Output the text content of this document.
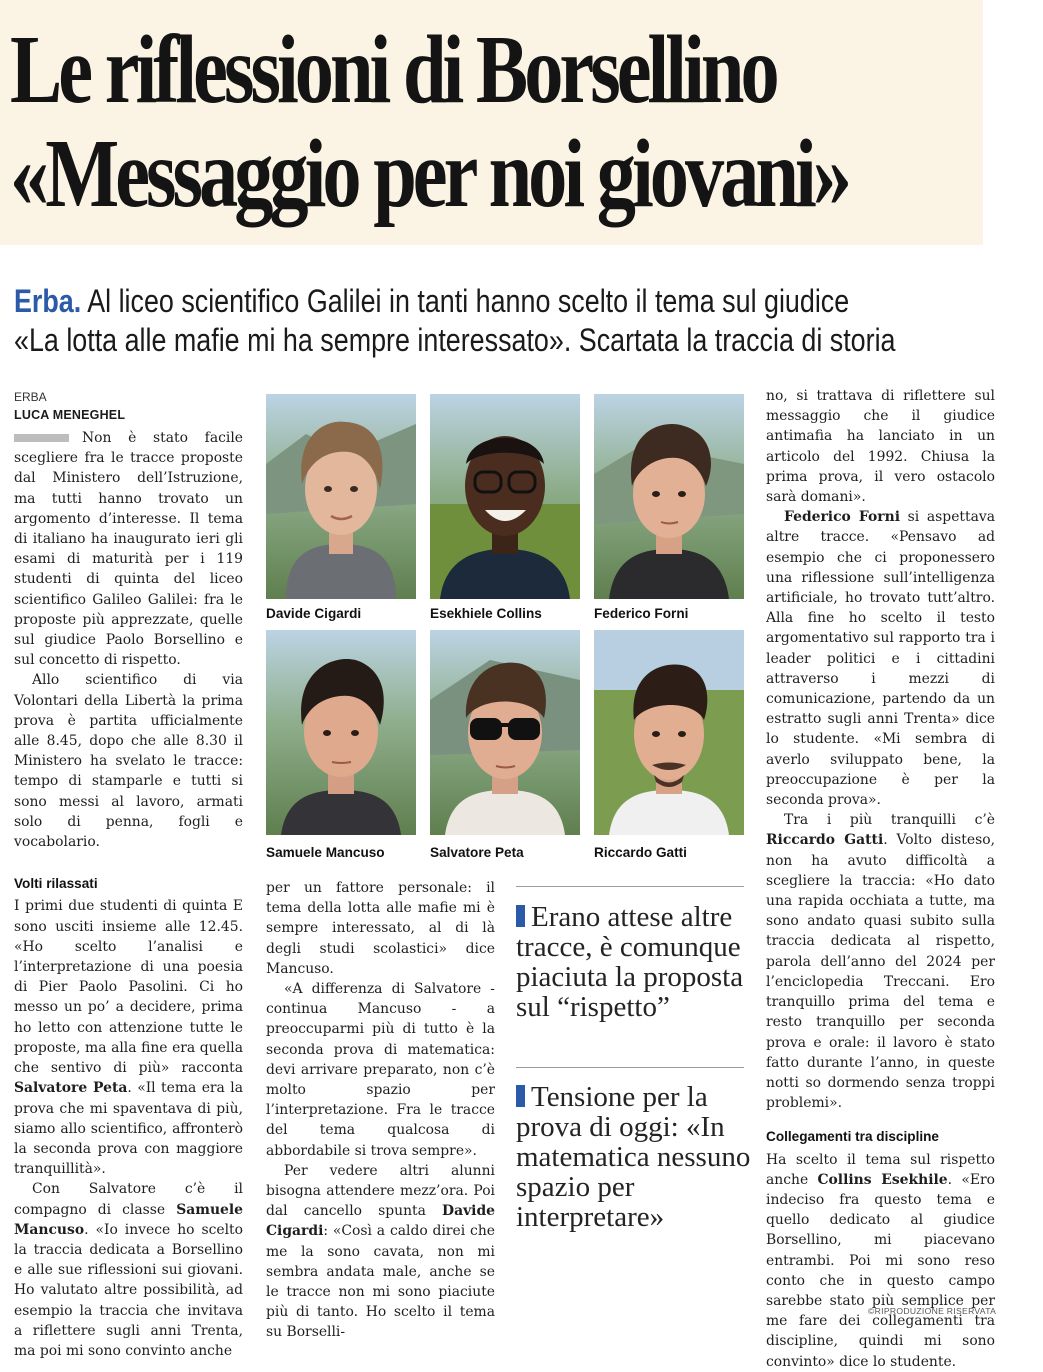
Le riflessioni di Borsellino
«Messaggio per noi giovani»
Erba. Al liceo scientifico Galilei in tanti hanno scelto il tema sul giudice
«La lotta alle mafie mi ha sempre interessato». Scartata la traccia di storia
ERBA
LUCA MENEGHEL

Non è stato facile scegliere fra le tracce proposte dal Ministero dell’Istruzione, ma tutti hanno trovato un argomento d’interesse. Il tema di italiano ha inaugurato ieri gli esami di maturità per i 119 studenti di quinta del liceo scientifico Galileo Galilei: fra le proposte più apprezzate, quelle sul giudice Paolo Borsellino e sul concetto di rispetto.

Allo scientifico di via Volontari della Libertà la prima prova è partita ufficialmente alle 8.45, dopo che alle 8.30 il Ministero ha svelato le tracce: tempo di stamparle e tutti si sono messi al lavoro, armati solo di penna, fogli e vocabolario.

Volti rilassati

I primi due studenti di quinta E sono usciti insieme alle 12.45. «Ho scelto l’analisi e l’interpretazione di una poesia di Pier Paolo Pasolini. Ci ho messo un po’ a decidere, prima ho letto con attenzione tutte le proposte, ma alla fine era quella che sentivo di più» racconta Salvatore Peta. «Il tema era la prova che mi spaventava di più, siamo allo scientifico, affronterò la seconda prova con maggiore tranquillità».

Con Salvatore c’è il compagno di classe Samuele Mancuso. «Io invece ho scelto la traccia dedicata a Borsellino e alle sue riflessioni sui giovani. Ho valutato altre possibilità, ad esempio la traccia che invitava a riflettere sugli anni Trenta, ma poi mi sono convinto anche

Davide Cigardi	Esekhiele Collins	Federico Forni
Samuele Mancuso	Salvatore Peta	Riccardo Gatti

per un fattore personale: il tema della lotta alle mafie mi è sempre interessato, al di là degli studi scolastici» dice Mancuso.

«A differenza di Salvatore - continua Mancuso - a preoccuparmi più di tutto è la seconda prova di matematica: devi arrivare preparato, non c’è molto spazio per l’interpretazione. Fra le tracce del tema qualcosa di abbordabile si trova sempre».

Per vedere altri alunni bisogna attendere mezz’ora. Poi dal cancello spunta Davide Cigardi: «Così a caldo direi che me la sono cavata, non mi sembra andata male, anche se le tracce non mi sono piaciute più di tanto. Ho scelto il tema su Borselli-

Erano attese altre tracce, è comunque piaciuta la proposta sul “rispetto”
Tensione per la prova di oggi: «In matematica nessuno spazio per interpretare»

no, si trattava di riflettere sul messaggio che il giudice antimafia ha lanciato in un articolo del 1992. Chiusa la prima prova, il vero ostacolo sarà domani».

Federico Forni si aspettava altre tracce. «Pensavo ad esempio che ci proponessero una riflessione sull’intelligenza artificiale, ho trovato tutt’altro. Alla fine ho scelto il testo argomentativo sul rapporto tra i leader politici e i cittadini attraverso i mezzi di comunicazione, partendo da un estratto sugli anni Trenta» dice lo studente. «Mi sembra di averlo sviluppato bene, la preoccupazione è per la seconda prova».

Tra i più tranquilli c’è Riccardo Gatti. Volto disteso, non ha avuto difficoltà a scegliere la traccia: «Ho dato una rapida occhiata a tutte, ma sono andato quasi subito sulla traccia dedicata al rispetto, parola dell’anno del 2024 per l’enciclopedia Treccani. Ero tranquillo prima del tema e resto tranquillo per seconda prova e orale: il lavoro è stato fatto durante l’anno, in queste notti so dormendo senza troppi problemi».

Collegamenti tra discipline

Ha scelto il tema sul rispetto anche Collins Esekhile. «Ero indeciso fra questo tema e quello dedicato al giudice Borsellino, mi piacevano entrambi. Poi mi sono reso conto che in questo campo sarebbe stato più semplice per me fare dei collegamenti tra discipline, quindi mi sono convinto» dice lo studente.

©RIPRODUZIONE RISERVATA
